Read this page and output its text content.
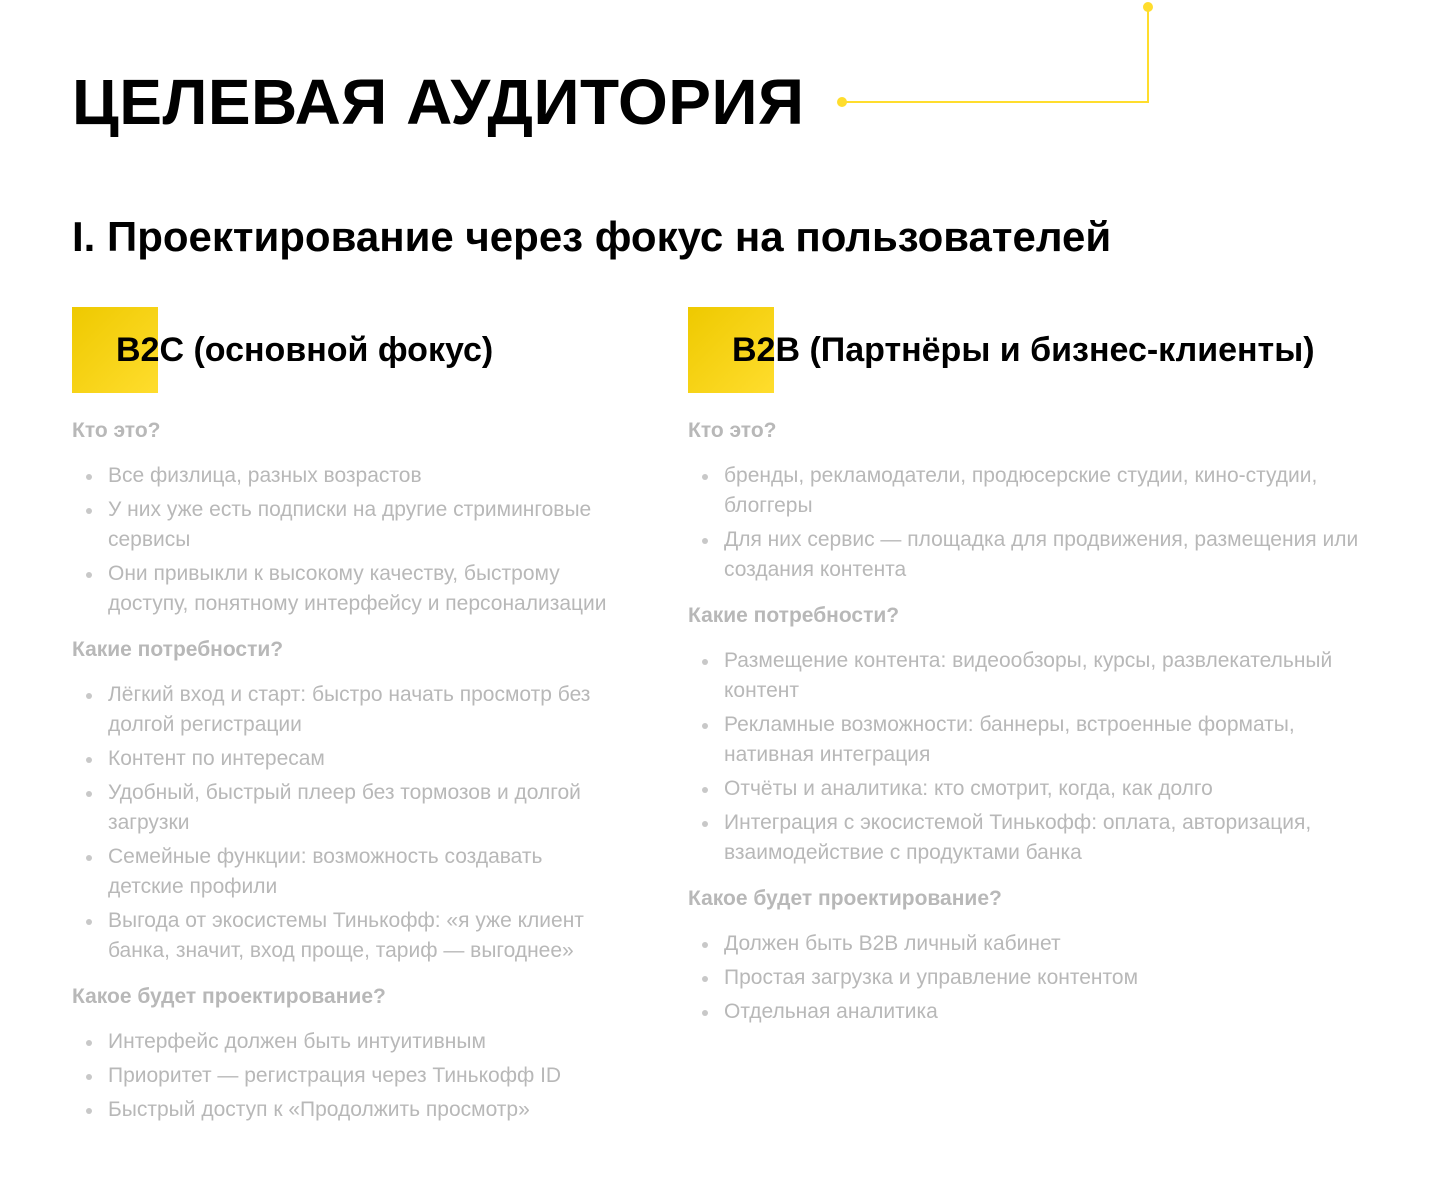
ЦЕЛЕВАЯ АУДИТОРИЯ
I. Проектирование через фокус на пользователей
B2C (основной фокус)

Кто это?

Все физлица, разных возрастов
У них уже есть подписки на другие стриминговые сервисы
Они привыкли к высокому качеству, быстрому доступу, понятному интерфейсу и персонализации

Какие потребности?

Лёгкий вход и старт: быстро начать просмотр без долгой регистрации
Контент по интересам
Удобный, быстрый плеер без тормозов и долгой загрузки
Семейные функции: возможность создавать детские профили
Выгода от экосистемы Тинькофф: «я уже клиент банка, значит, вход проще, тариф — выгоднее»

Какое будет проектирование?

Интерфейс должен быть интуитивным
Приоритет — регистрация через Тинькофф ID
Быстрый доступ к «Продолжить просмотр»
B2B (Партнёры и бизнес-клиенты)

Кто это?

бренды, рекламодатели, продюсерские студии, кино-студии, блоггеры
Для них сервис — площадка для продвижения, размещения или создания контента

Какие потребности?

Размещение контента: видеообзоры, курсы, развлекательный контент
Рекламные возможности: баннеры, встроенные форматы, нативная интеграция
Отчёты и аналитика: кто смотрит, когда, как долго
Интеграция с экосистемой Тинькофф: оплата, авторизация, взаимодействие с продуктами банка

Какое будет проектирование?

Должен быть B2B личный кабинет
Простая загрузка и управление контентом
Отдельная аналитика
